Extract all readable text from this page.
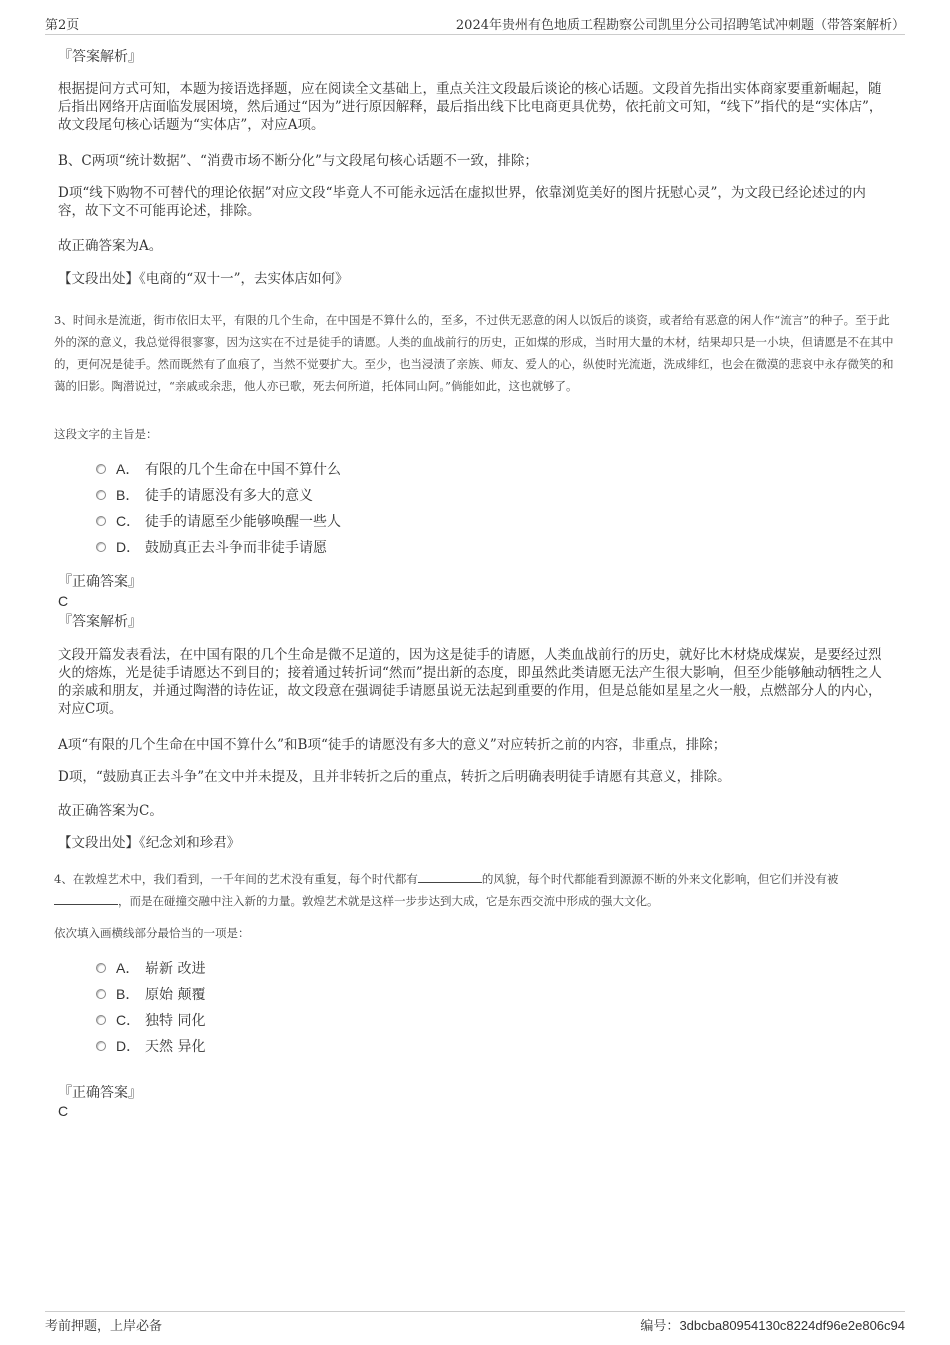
第2页	2024年贵州有色地质工程勘察公司凯里分公司招聘笔试冲刺题（带答案解析）
『答案解析』

根据提问方式可知，本题为接语选择题，应在阅读全文基础上，重点关注文段最后谈论的核心话题。文段首先指出实体商家要重新崛起，随后指出网络开店面临发展困境，然后通过“因为”进行原因解释，最后指出线下比电商更具优势，依托前文可知，“线下”指代的是“实体店”，故文段尾句核心话题为“实体店”，对应A项。

B、C两项“统计数据”、“消费市场不断分化”与文段尾句核心话题不一致，排除；

D项“线下购物不可替代的理论依据”对应文段“毕竟人不可能永远活在虚拟世界，依靠浏览美好的图片抚慰心灵”，为文段已经论述过的内容，故下文不可能再论述，排除。

故正确答案为A。

【文段出处】《电商的“双十一”，去实体店如何》

3、时间永是流逝，街市依旧太平，有限的几个生命，在中国是不算什么的，至多，不过供无恶意的闲人以饭后的谈资，或者给有恶意的闲人作“流言”的种子。至于此外的深的意义，我总觉得很寥寥，因为这实在不过是徒手的请愿。人类的血战前行的历史，正如煤的形成，当时用大量的木材，结果却只是一小块，但请愿是不在其中的，更何况是徒手。然而既然有了血痕了，当然不觉要扩大。至少，也当浸渍了亲族、师友、爱人的心，纵使时光流逝，洗成绯红，也会在微漠的悲哀中永存微笑的和蔼的旧影。陶潜说过，“亲戚或余悲，他人亦已歌，死去何所道，托体同山阿。”倘能如此，这也就够了。

这段文字的主旨是：
A． 有限的几个生命在中国不算什么
B． 徒手的请愿没有多大的意义
C． 徒手的请愿至少能够唤醒一些人
D． 鼓励真正去斗争而非徒手请愿
『正确答案』
C
『答案解析』

文段开篇发表看法，在中国有限的几个生命是微不足道的，因为这是徒手的请愿，人类血战前行的历史，就好比木材烧成煤炭，是要经过烈火的熔炼，光是徒手请愿达不到目的；接着通过转折词“然而”提出新的态度，即虽然此类请愿无法产生很大影响，但至少能够触动牺牲之人的亲戚和朋友，并通过陶潜的诗佐证，故文段意在强调徒手请愿虽说无法起到重要的作用，但是总能如星星之火一般，点燃部分人的内心，对应C项。

A项“有限的几个生命在中国不算什么”和B项“徒手的请愿没有多大的意义”对应转折之前的内容，非重点，排除；

D项，“鼓励真正去斗争”在文中并未提及，且并非转折之后的重点，转折之后明确表明徒手请愿有其意义，排除。

故正确答案为C。

【文段出处】《纪念刘和珍君》

4、在敦煌艺术中，我们看到，一千年间的艺术没有重复，每个时代都有	的风貌，每个时代都能看到源源不断的外来文化影响，但它们并没有被，而是在碰撞交融中注入新的力量。敦煌艺术就是这样一步步达到大成，它是东西交流中形成的强大文化。

依次填入画横线部分最恰当的一项是：
A． 崭新 改进
B． 原始 颠覆
C． 独特 同化
D． 天然 异化
『正确答案』
C
考前押题，上岸必备	编号：3dbcba80954130c8224df96e2e806c94
